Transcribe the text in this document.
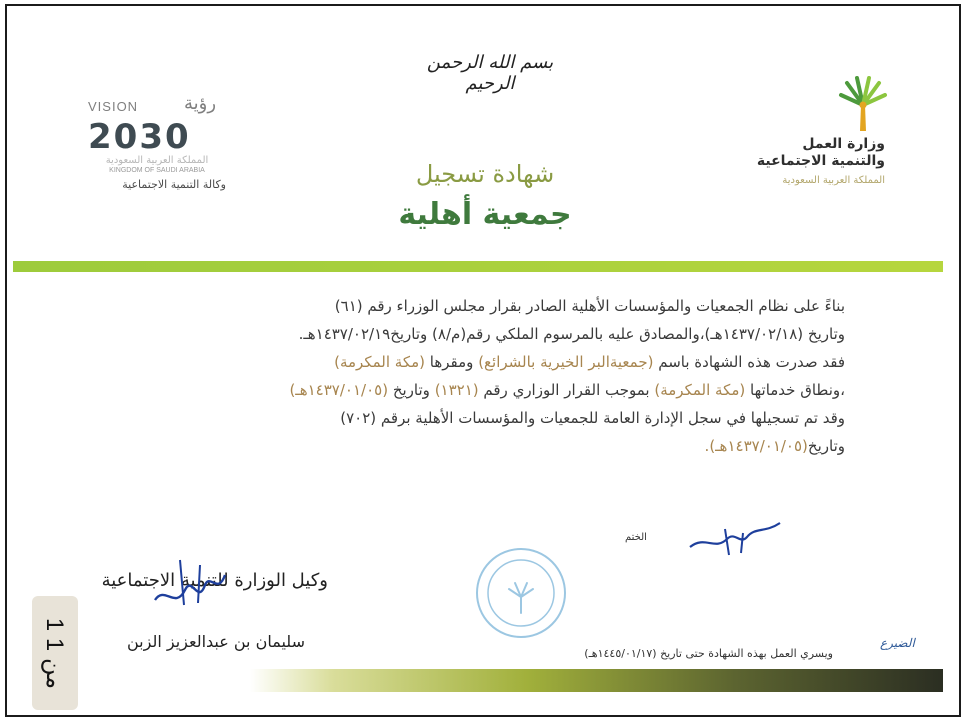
بسم الله الرحمن الرحيم
وزارة العمل
والتنمية الاجتماعية
المملكة العربية السعودية
VISION	رؤية
2030
المملكة العربية السعودية
KINGDOM OF SAUDI ARABIA
وكالة التنمية الاجتماعية	شهادة تسجيل
جمعية أهلية

بناءً على نظام الجمعيات والمؤسسات الأهلية الصادر بقرار مجلس الوزراء رقم (٦١)

وتاريخ (١٤٣٧/٠٢/١٨هـ)،والمصادق عليه بالمرسوم الملكي رقم(م/٨) وتاريخ١٤٣٧/٠٢/١٩هـ.

فقد صدرت هذه الشهادة باسم (جمعيةالبر الخيرية بالشرائع) ومقرها (مكة المكرمة)

،ونطاق خدماتها (مكة المكرمة) بموجب القرار الوزاري رقم (١٣٢١) وتاريخ (١٤٣٧/٠١/٠٥هـ)

وقد تم تسجيلها في سجل الإدارة العامة للجمعيات والمؤسسات الأهلية برقم (٧٠٢)

وتاريخ(١٤٣٧/٠١/٠٥هـ).

الختم
وكيل الوزارة للتنمية الاجتماعية
سليمان بن عبدالعزيز الزبن
ويسري العمل بهذه الشهادة حتى تاريخ (١٤٤٥/٠١/١٧هـ)
الضيرع
1 من 1
